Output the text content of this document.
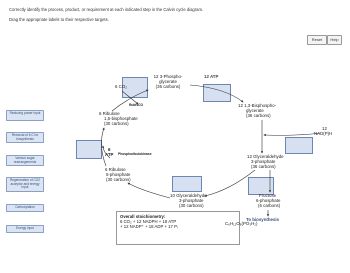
Correctly identify the process, product, or requirement at each indicated step in the Calvin cycle diagram.
Drag the appropriate labels to their respective targets.
Reset	Help
Reducing power input
Removal of 6 C for biosynthesis
Various sugar rearrangements
Regeneration of CO2 acceptor and energy input
Carboxylation
Energy input
6 CO₂
12 3-Phospho-
glycerate
(36 carbons)
12 ATP
RubisCO
6 Ribulose
1,5-bisphosphate
(30 carbons)
12 1,3-Bisphospho-
glycerate
(36 carbons)
12
NAD(P)H
6
ATP Phosphoribulokinase
6 Ribulose
5-phosphate
(30 carbons)
12 Glyceraldehyde
3-phosphate
(36 carbons)
10 Glyceraldehyde
3-phosphate
(30 carbons)
Fructose
6-phosphate
(6 carbons)
To biosynthesis
Overall stoichiometry:
6 CO₂ + 12 NADPH + 18 ATP
+ 12 NADP⁺ + 18 ADP + 17 Pᵢ
C₆H₁₂O₆(PO₃H₂)
